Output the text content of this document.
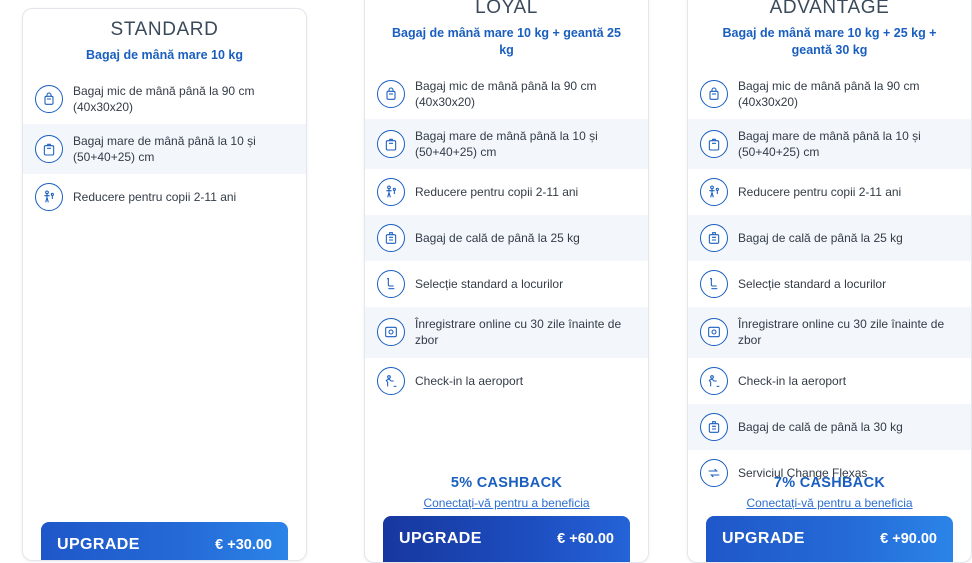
STANDARD
Bagaj de mână mare 10 kg
Bagaj mic de mână până la 90 cm (40x30x20)
Bagaj mare de mână până la 10 și (50+40+25) cm
Reducere pentru copii 2-11 ani
UPGRADE	€ +30.00
LOYAL
Bagaj de mână mare 10 kg + geantă 25 kg
Bagaj mic de mână până la 90 cm (40x30x20)
Bagaj mare de mână până la 10 și (50+40+25) cm
Reducere pentru copii 2-11 ani
Bagaj de cală de până la 25 kg
Selecție standard a locurilor
Înregistrare online cu 30 zile înainte de zbor
Check-in la aeroport
5% CASHBACK
Conectați-vă pentru a beneficia
UPGRADE	€ +60.00
ADVANTAGE
Bagaj de mână mare 10 kg + 25 kg + geantă 30 kg
Bagaj mic de mână până la 90 cm (40x30x20)
Bagaj mare de mână până la 10 și (50+40+25) cm
Reducere pentru copii 2-11 ani
Bagaj de cală de până la 25 kg
Selecție standard a locurilor
Înregistrare online cu 30 zile înainte de zbor
Check-in la aeroport
Bagaj de cală de până la 30 kg
Serviciul Change Flexas
7% CASHBACK
Conectați-vă pentru a beneficia
UPGRADE	€ +90.00
